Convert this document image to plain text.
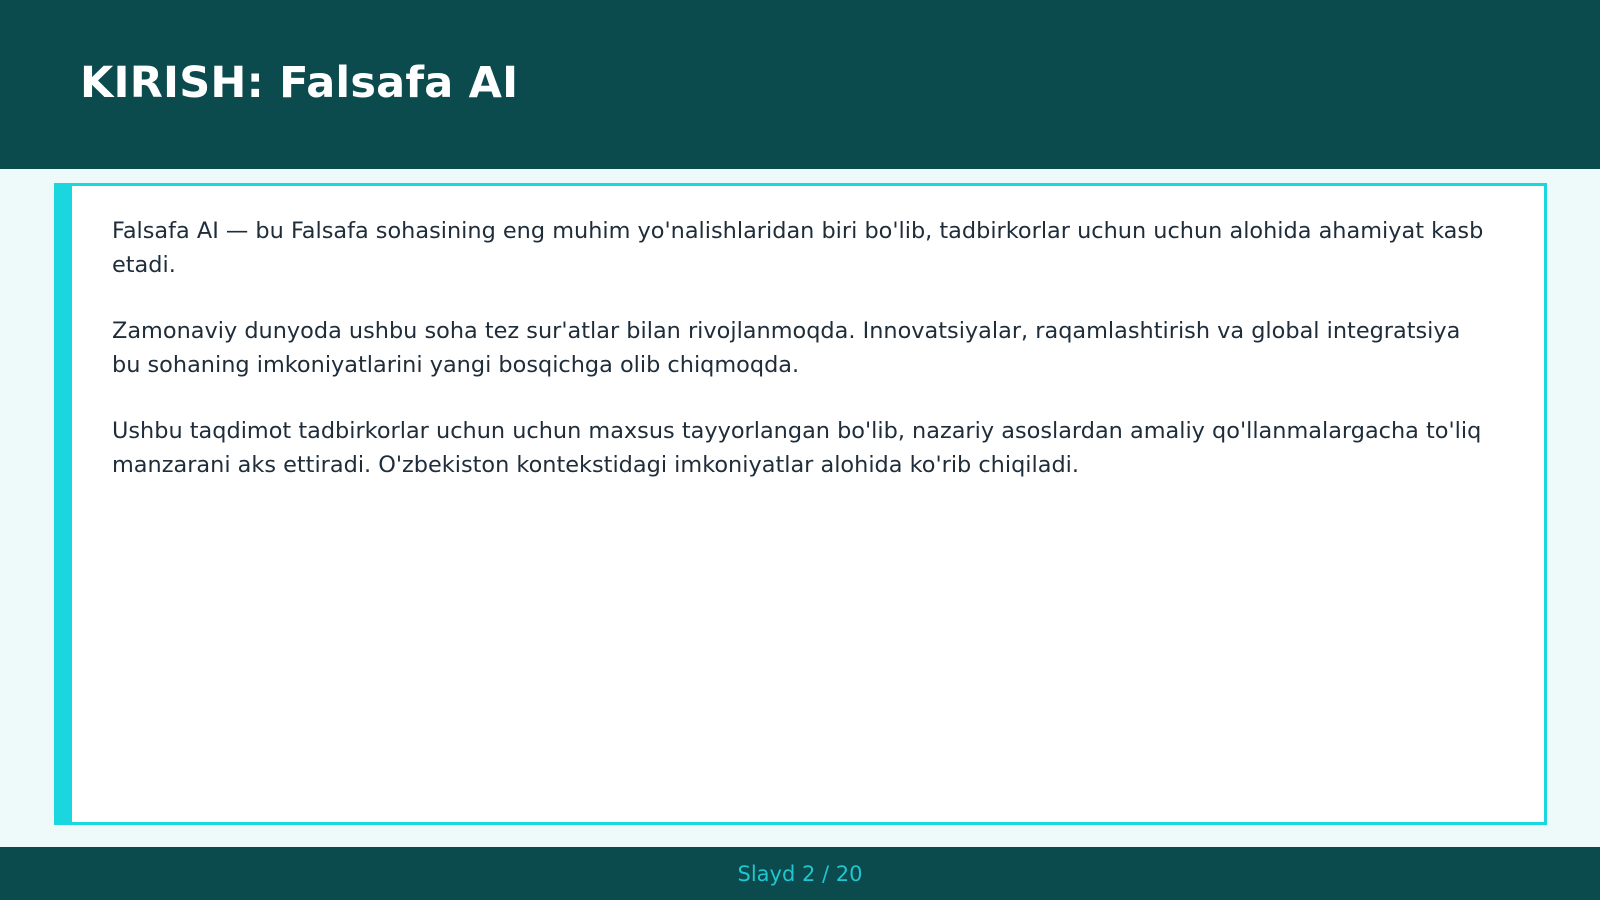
KIRISH: Falsafa AI

Falsafa AI — bu Falsafa sohasining eng muhim yo'nalishlaridan biri bo'lib, tadbirkorlar uchun uchun alohida ahamiyat kasb etadi.

Zamonaviy dunyoda ushbu soha tez sur'atlar bilan rivojlanmoqda. Innovatsiyalar, raqamlashtirish va global integratsiya bu sohaning imkoniyatlarini yangi bosqichga olib chiqmoqda.

Ushbu taqdimot tadbirkorlar uchun uchun maxsus tayyorlangan bo'lib, nazariy asoslardan amaliy qo'llanmalargacha to'liq manzarani aks ettiradi. O'zbekiston kontekstidagi imkoniyatlar alohida ko'rib chiqiladi.

Slayd 2 / 20
